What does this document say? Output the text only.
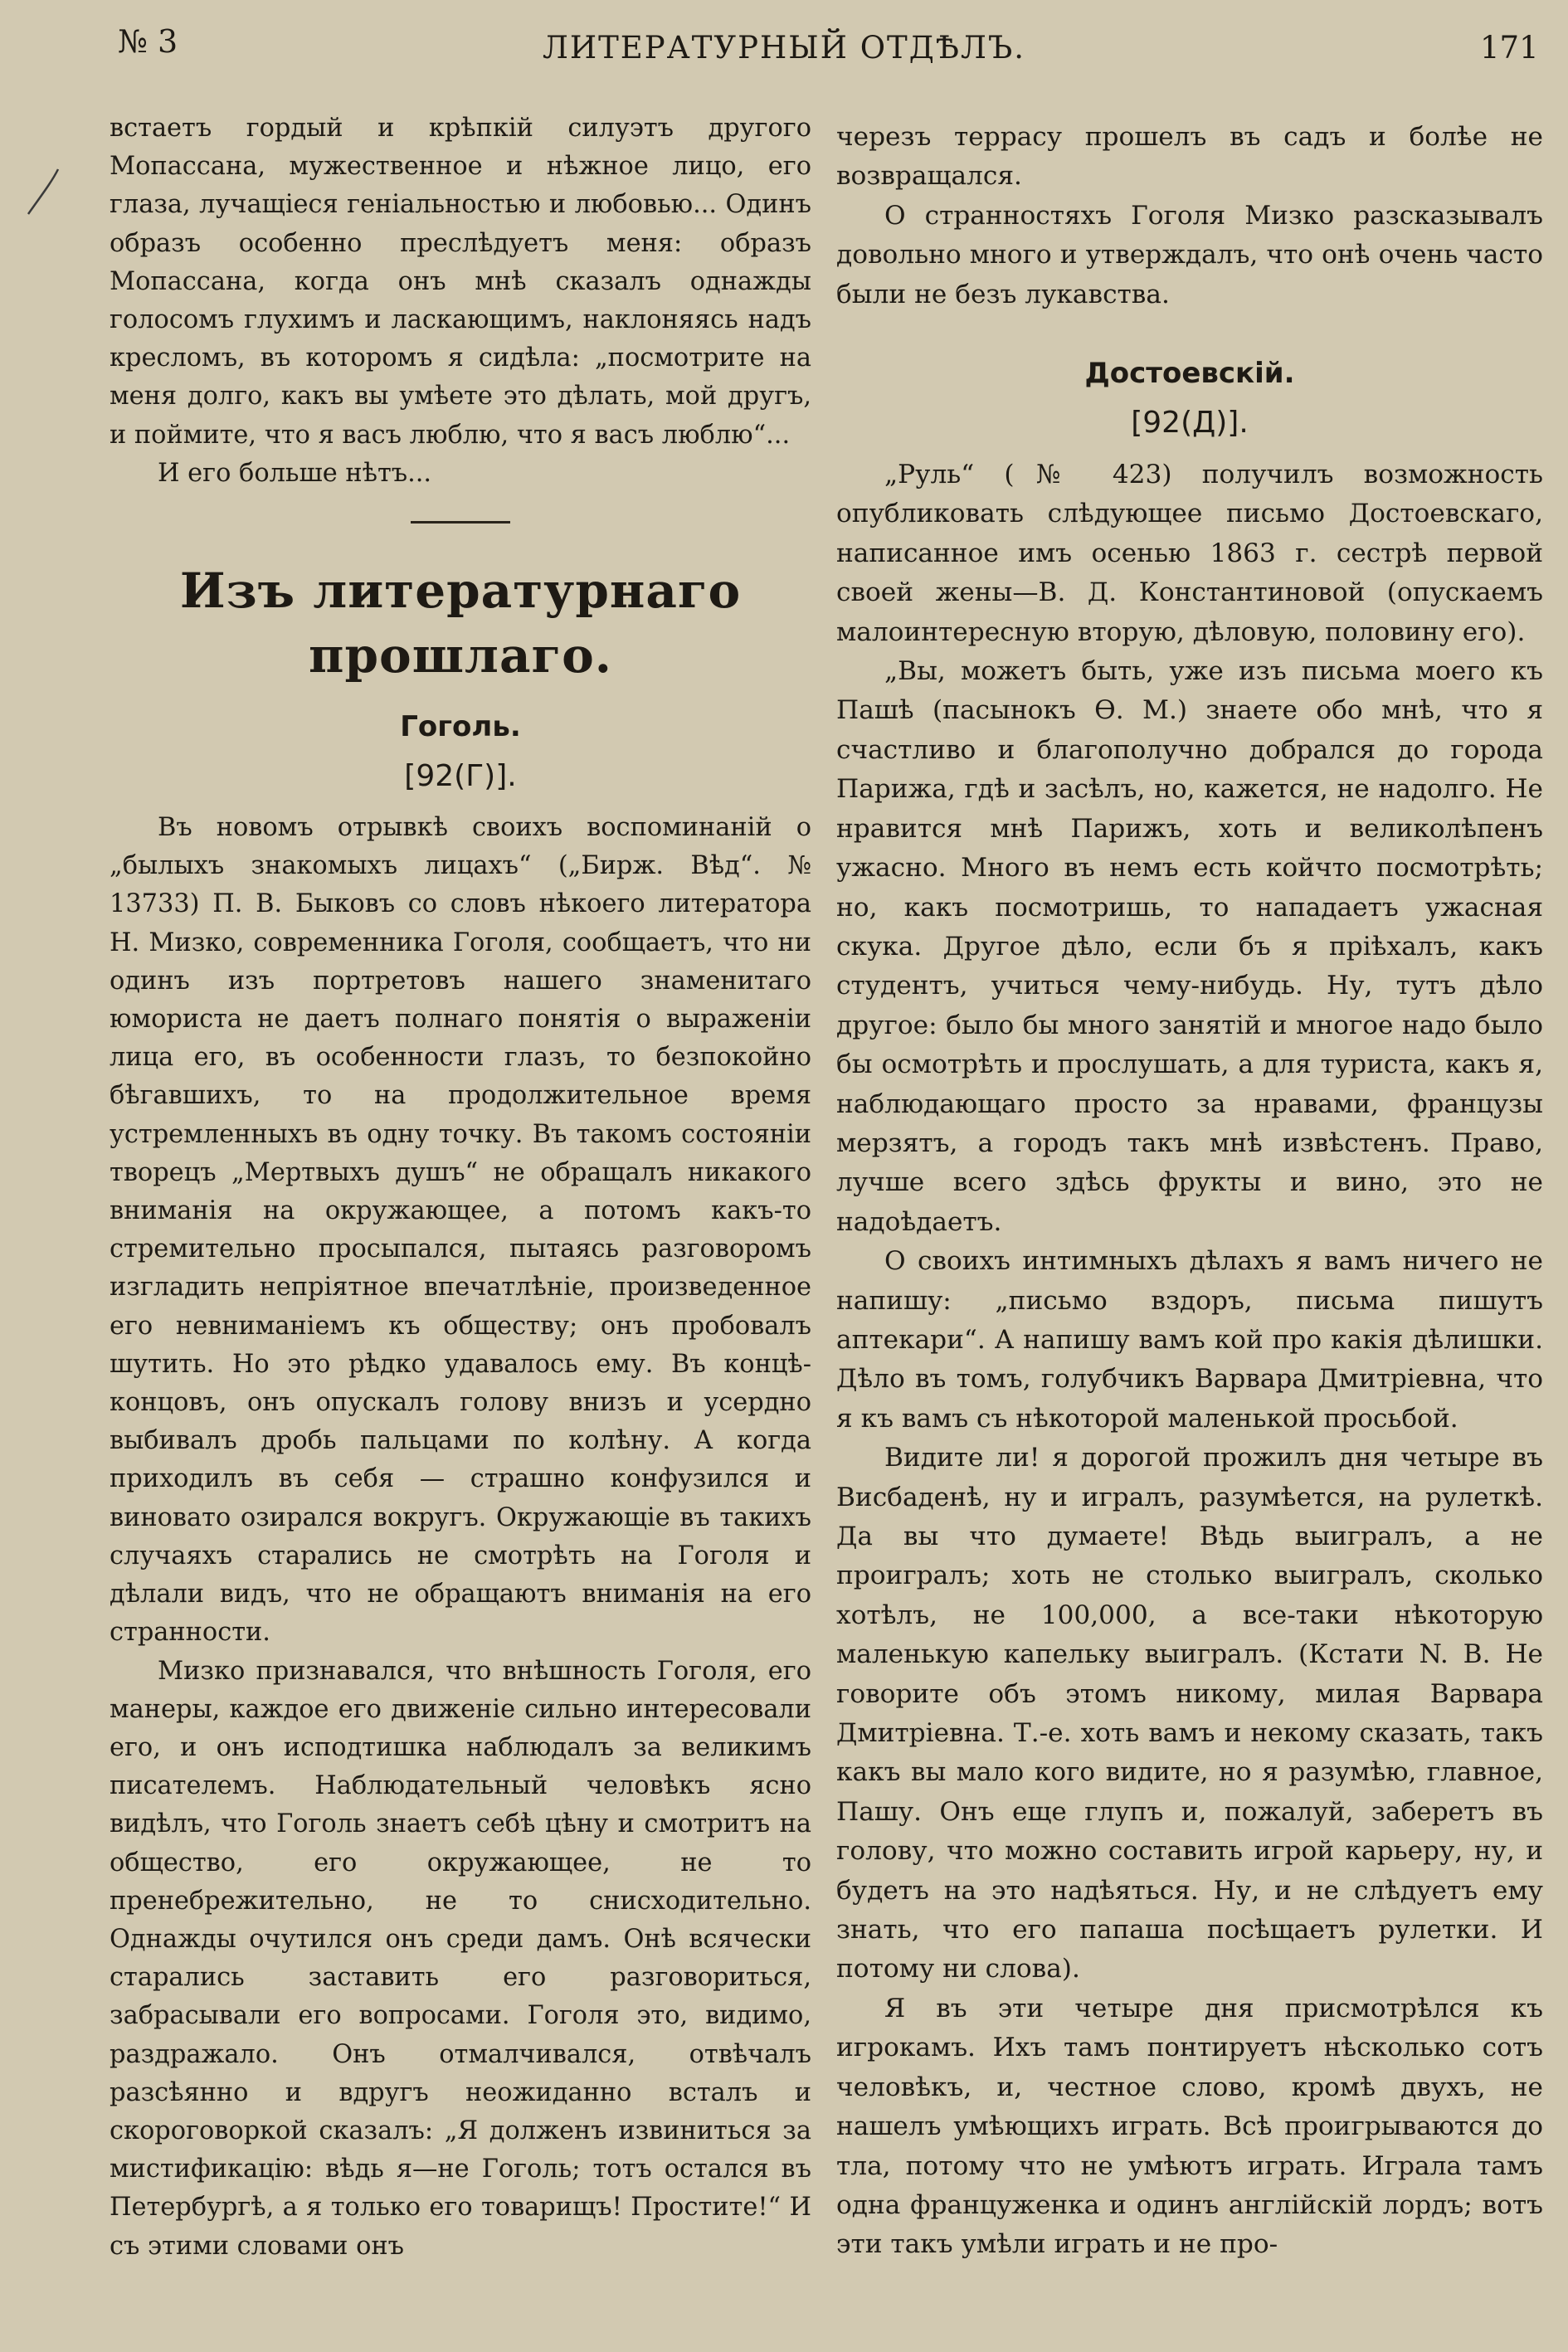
№ 3	ЛИТЕРАТУРНЫЙ ОТДѢЛЪ.	171

встаетъ гордый и крѣпкій силуэтъ другого Мопассана, мужественное и нѣжное лицо, его глаза, лучащіеся геніальностью и любовью... Одинъ образъ особенно преслѣдуетъ меня: образъ Мопассана, когда онъ мнѣ сказалъ однажды голосомъ глухимъ и ласкающимъ, наклоняясь надъ кресломъ, въ которомъ я сидѣла: „посмотрите на меня долго, какъ вы умѣете это дѣлать, мой другъ, и поймите, что я васъ люблю, что я васъ люблю“...

И его больше нѣтъ...

Изъ литературнаго прошлаго.
Гоголь.
[92(Г)].

Въ новомъ отрывкѣ своихъ воспоминаній о „былыхъ знакомыхъ лицахъ“ („Бирж. Вѣд“. № 13733) П. В. Быковъ со словъ нѣкоего литератора Н. Мизко, современника Гоголя, сообщаетъ, что ни одинъ изъ портретовъ нашего знаменитаго юмориста не даетъ полнаго понятія о выраженіи лица его, въ особенности глазъ, то безпокойно бѣгавшихъ, то на продолжительное время устремленныхъ въ одну точку. Въ такомъ состояніи творецъ „Мертвыхъ душъ“ не обращалъ никакого вниманія на окружающее, а потомъ какъ-то стремительно просыпался, пытаясь разговоромъ изгладить непріятное впечатлѣніе, произведенное его невниманіемъ къ обществу; онъ пробовалъ шутить. Но это рѣдко удавалось ему. Въ концѣ-концовъ, онъ опускалъ голову внизъ и усердно выбивалъ дробь пальцами по колѣну. А когда приходилъ въ себя — страшно конфузился и виновато озирался вокругъ. Окружающіе въ такихъ случаяхъ старались не смотрѣть на Гоголя и дѣлали видъ, что не обращаютъ вниманія на его странности.

Мизко признавался, что внѣшность Гоголя, его манеры, каждое его движеніе сильно интересовали его, и онъ исподтишка наблюдалъ за великимъ писателемъ. Наблюдательный человѣкъ ясно видѣлъ, что Гоголь знаетъ себѣ цѣну и смотритъ на общество, его окружающее, не то пренебрежительно, не то снисходительно. Однажды очутился онъ среди дамъ. Онѣ всячески старались заставить его разговориться, забрасывали его вопросами. Гоголя это, видимо, раздражало. Онъ отмалчивался, отвѣчалъ разсѣянно и вдругъ неожиданно всталъ и скороговоркой сказалъ: „Я долженъ извиниться за мистификацію: вѣдь я—не Гоголь; тотъ остался въ Петербургѣ, а я только его товарищъ! Простите!“ И съ этими словами онъ

черезъ террасу прошелъ въ садъ и болѣе не возвращался.

О странностяхъ Гоголя Мизко разсказывалъ довольно много и утверждалъ, что онѣ очень часто были не безъ лукавства.

Достоевскій.
[92(Д)].

„Руль“ (№ 423) получилъ возможность опубликовать слѣдующее письмо Достоевскаго, написанное имъ осенью 1863 г. сестрѣ первой своей жены—В. Д. Константиновой (опускаемъ малоинтересную вторую, дѣловую, половину его).

„Вы, можетъ быть, уже изъ письма моего къ Пашѣ (пасынокъ Ѳ. М.) знаете обо мнѣ, что я счастливо и благополучно добрался до города Парижа, гдѣ и засѣлъ, но, кажется, не надолго. Не нравится мнѣ Парижъ, хоть и великолѣпенъ ужасно. Много въ немъ есть койчто посмотрѣть; но, какъ посмотришь, то нападаетъ ужасная скука. Другое дѣло, если бъ я пріѣхалъ, какъ студентъ, учиться чему-нибудь. Ну, тутъ дѣло другое: было бы много занятій и многое надо было бы осмотрѣть и прослушать, а для туриста, какъ я, наблюдающаго просто за нравами, французы мерзятъ, а городъ такъ мнѣ извѣстенъ. Право, лучше всего здѣсь фрукты и вино, это не надоѣдаетъ.

О своихъ интимныхъ дѣлахъ я вамъ ничего не напишу: „письмо вздоръ, письма пишутъ аптекари“. А напишу вамъ кой про какія дѣлишки. Дѣло въ томъ, голубчикъ Варвара Дмитріевна, что я къ вамъ съ нѣкоторой маленькой просьбой.

Видите ли! я дорогой прожилъ дня четыре въ Висбаденѣ, ну и игралъ, разумѣется, на рулеткѣ. Да вы что думаете! Вѣдь выигралъ, а не проигралъ; хоть не столько выигралъ, сколько хотѣлъ, не 100,000, а все-таки нѣкоторую маленькую капельку выигралъ. (Кстати N. B. Не говорите объ этомъ никому, милая Варвара Дмитріевна. Т.-е. хоть вамъ и некому сказать, такъ какъ вы мало кого видите, но я разумѣю, главное, Пашу. Онъ еще глупъ и, пожалуй, заберетъ въ голову, что можно составить игрой карьеру, ну, и будетъ на это надѣяться. Ну, и не слѣдуетъ ему знать, что его папаша посѣщаетъ рулетки. И потому ни слова).

Я въ эти четыре дня присмотрѣлся къ игрокамъ. Ихъ тамъ понтируетъ нѣсколько сотъ человѣкъ, и, честное слово, кромѣ двухъ, не нашелъ умѣющихъ играть. Всѣ проигрываются до тла, потому что не умѣютъ играть. Играла тамъ одна француженка и одинъ англійскій лордъ; вотъ эти такъ умѣли играть и не про-
